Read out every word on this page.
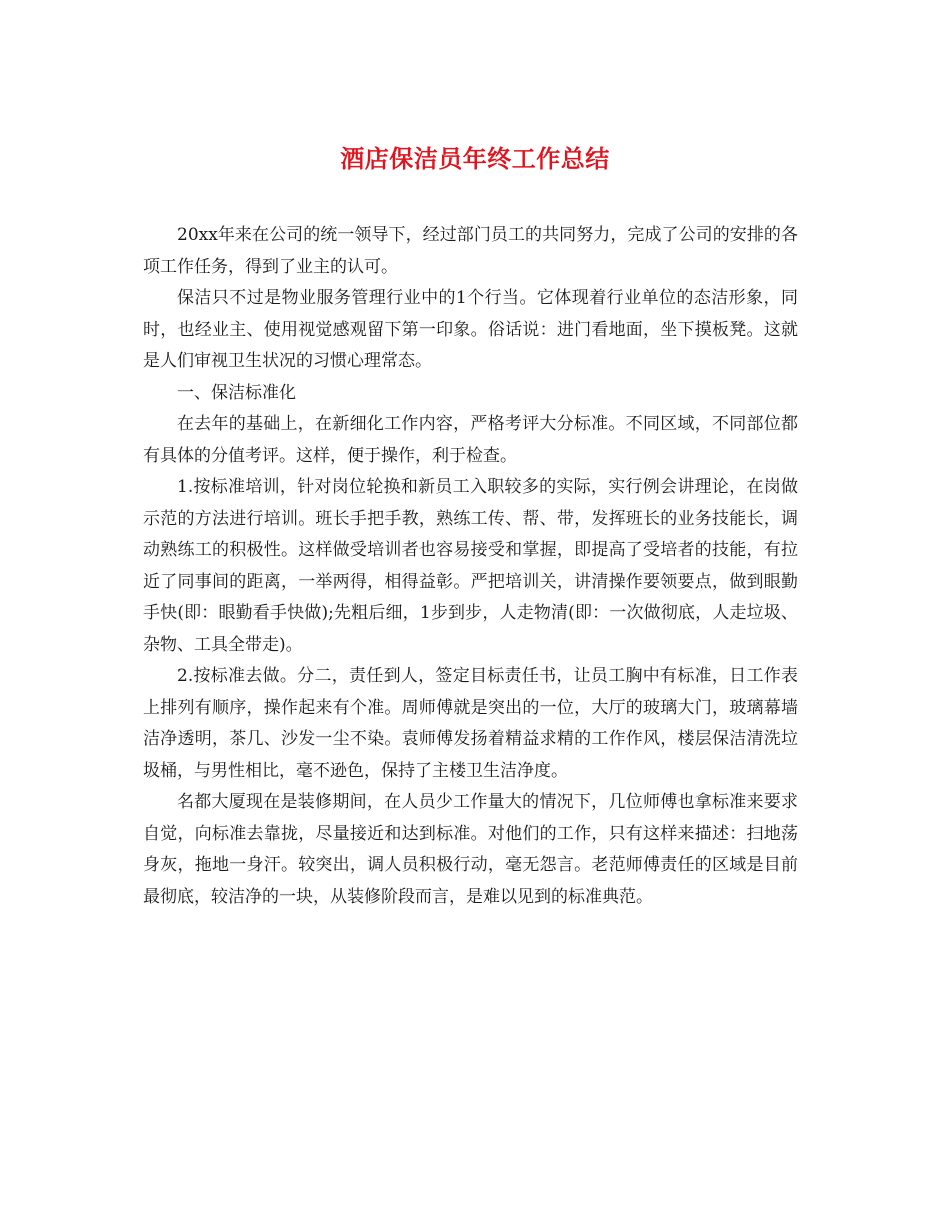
酒店保洁员年终工作总结

20xx年来在公司的统一领导下，经过部门员工的共同努力，完成了公司的安排的各项工作任务，得到了业主的认可。

保洁只不过是物业服务管理行业中的1个行当。它体现着行业单位的态洁形象，同时，也经业主、使用视觉感观留下第一印象。俗话说：进门看地面，坐下摸板凳。这就是人们审视卫生状况的习惯心理常态。

一、保洁标准化

在去年的基础上，在新细化工作内容，严格考评大分标准。不同区域，不同部位都有具体的分值考评。这样，便于操作，利于检查。

1.按标准培训，针对岗位轮换和新员工入职较多的实际，实行例会讲理论，在岗做示范的方法进行培训。班长手把手教，熟练工传、帮、带，发挥班长的业务技能长，调动熟练工的积极性。这样做受培训者也容易接受和掌握，即提高了受培者的技能，有拉近了同事间的距离，一举两得，相得益彰。严把培训关，讲清操作要领要点，做到眼勤手快(即：眼勤看手快做);先粗后细，1步到步，人走物清(即：一次做彻底，人走垃圾、杂物、工具全带走)。

2.按标准去做。分二，责任到人，签定目标责任书，让员工胸中有标准，日工作表上排列有顺序，操作起来有个准。周师傅就是突出的一位，大厅的玻璃大门，玻璃幕墙洁净透明，茶几、沙发一尘不染。袁师傅发扬着精益求精的工作作风，楼层保洁清洗垃圾桶，与男性相比，毫不逊色，保持了主楼卫生洁净度。

名都大厦现在是装修期间，在人员少工作量大的情况下，几位师傅也拿标准来要求自觉，向标准去靠拢，尽量接近和达到标准。对他们的工作，只有这样来描述：扫地荡身灰，拖地一身汗。较突出，调人员积极行动，毫无怨言。老范师傅责任的区域是目前最彻底，较洁净的一块，从装修阶段而言，是难以见到的标准典范。
